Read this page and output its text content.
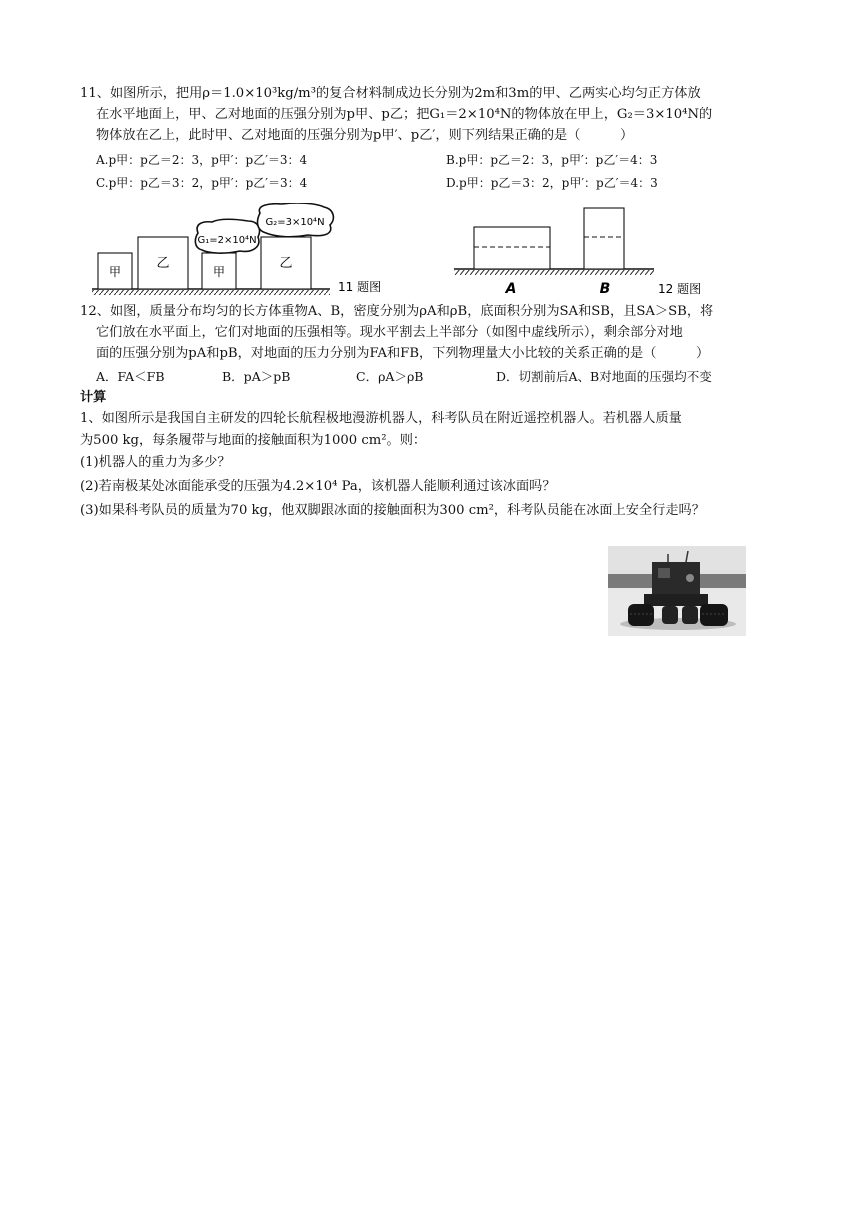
11、如图所示，把用ρ＝1.0×10³kg/m³的复合材料制成边长分别为2m和3m的甲、乙两实心均匀正方体放
在水平地面上，甲、乙对地面的压强分别为p甲、p乙；把G₁＝2×10⁴N的物体放在甲上，G₂＝3×10⁴N的
物体放在乙上，此时甲、乙对地面的压强分别为p甲′、p乙′，则下列结果正确的是（　　　）
A.p甲：p乙＝2：3，p甲′：p乙′＝3：4	B.p甲：p乙＝2：3，p甲′：p乙′＝4：3
C.p甲：p乙＝3：2，p甲′：p乙′＝3：4	D.p甲：p乙＝3：2，p甲′：p乙′＝4：3
甲
乙
甲
乙
G₁=2×10⁴N
G₂=3×10⁴N
11 题图	A	B	12 题图
12、如图，质量分布均匀的长方体重物A、B，密度分别为ρA和ρB，底面积分别为SA和SB，且SA＞SB，将
它们放在水平面上，它们对地面的压强相等。现水平割去上半部分（如图中虚线所示），剩余部分对地
面的压强分别为pA和pB，对地面的压力分别为FA和FB，下列物理量大小比较的关系正确的是（　　　）
A．FA＜FB	B．pA＞pB	C．ρA＞ρB	D．切割前后A、B对地面的压强均不变
计算
1、如图所示是我国自主研发的四轮长航程极地漫游机器人，科考队员在附近遥控机器人。若机器人质量
为500 kg，每条履带与地面的接触面积为1000 cm²。则：
(1)机器人的重力为多少？
(2)若南极某处冰面能承受的压强为4.2×10⁴ Pa，该机器人能顺利通过该冰面吗？
(3)如果科考队员的质量为70 kg，他双脚跟冰面的接触面积为300 cm²，科考队员能在冰面上安全行走吗？
